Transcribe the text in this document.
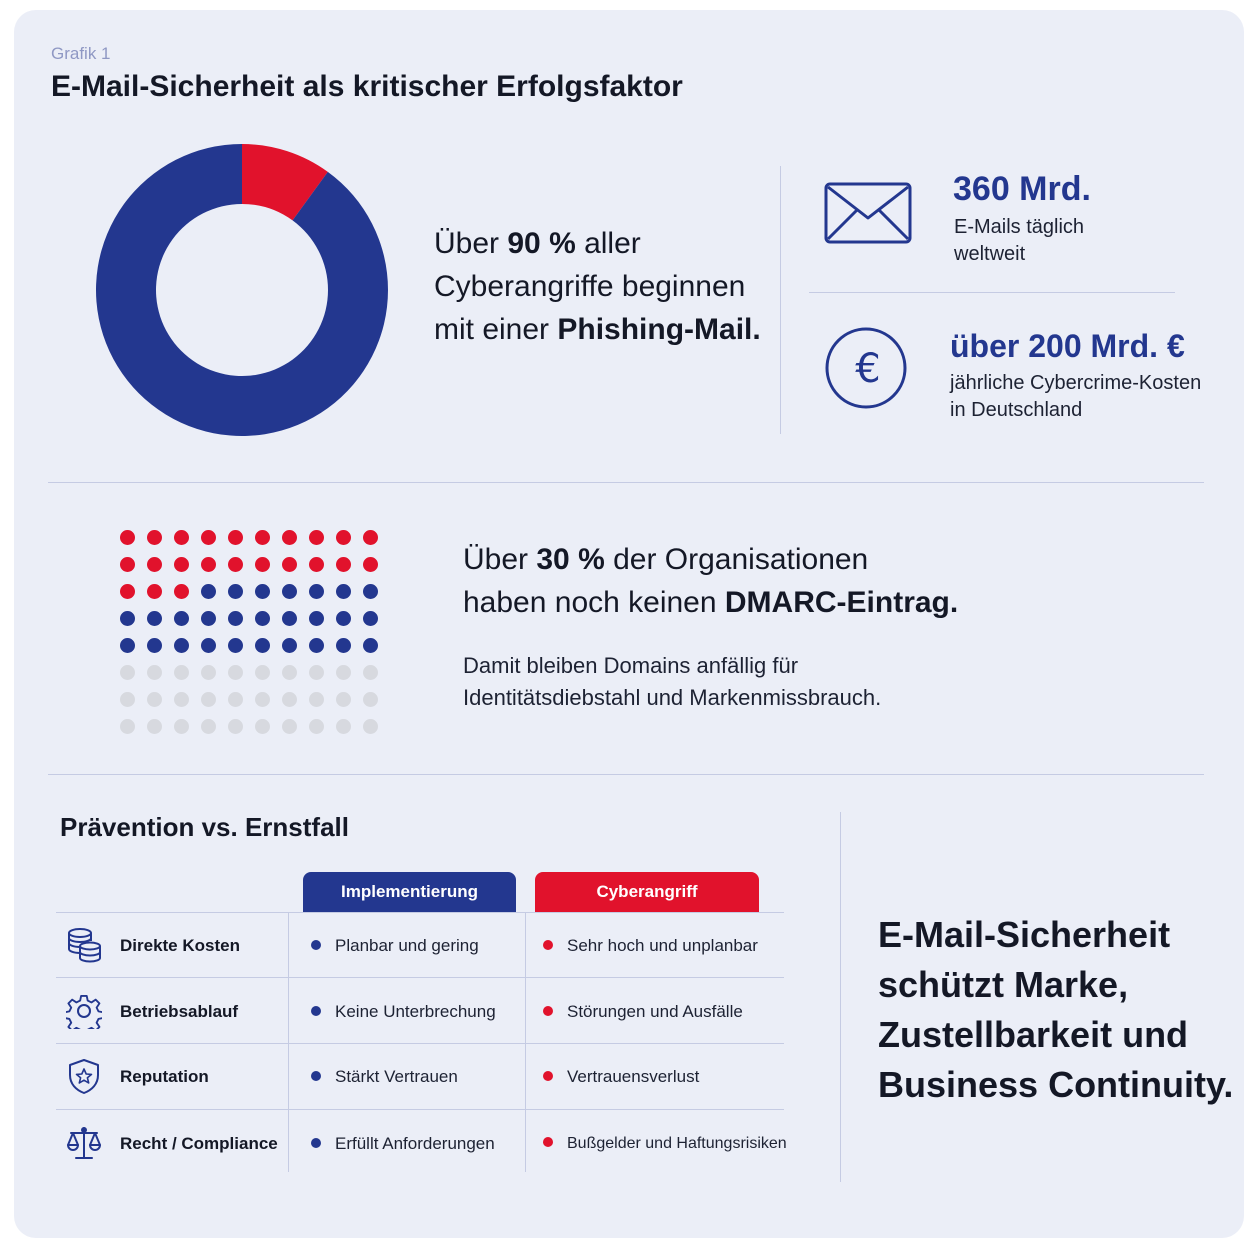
Grafik 1
E-Mail-Sicherheit als kritischer Erfolgsfaktor
Über 90 % aller
Cyberangriffe beginnen
mit einer Phishing-Mail.
360 Mrd.
E-Mails täglich
weltweit
€ über 200 Mrd. €
jährliche Cybercrime-Kosten
in Deutschland
Über 30 % der Organisationen
haben noch keinen DMARC-Eintrag.
Damit bleiben Domains anfällig für
Identitätsdiebstahl und Markenmissbrauch.
Prävention vs. Ernstfall
Implementierung	Cyberangriff
Direkte Kosten	Planbar und gering	Sehr hoch und unplanbar
Betriebsablauf	Keine Unterbrechung	Störungen und Ausfälle
Reputation	Stärkt Vertrauen	Vertrauensverlust
Recht / Compliance	Erfüllt Anforderungen	Bußgelder und Haftungsrisiken
E-Mail-Sicherheit
schützt Marke,
Zustellbarkeit und
Business Continuity.
